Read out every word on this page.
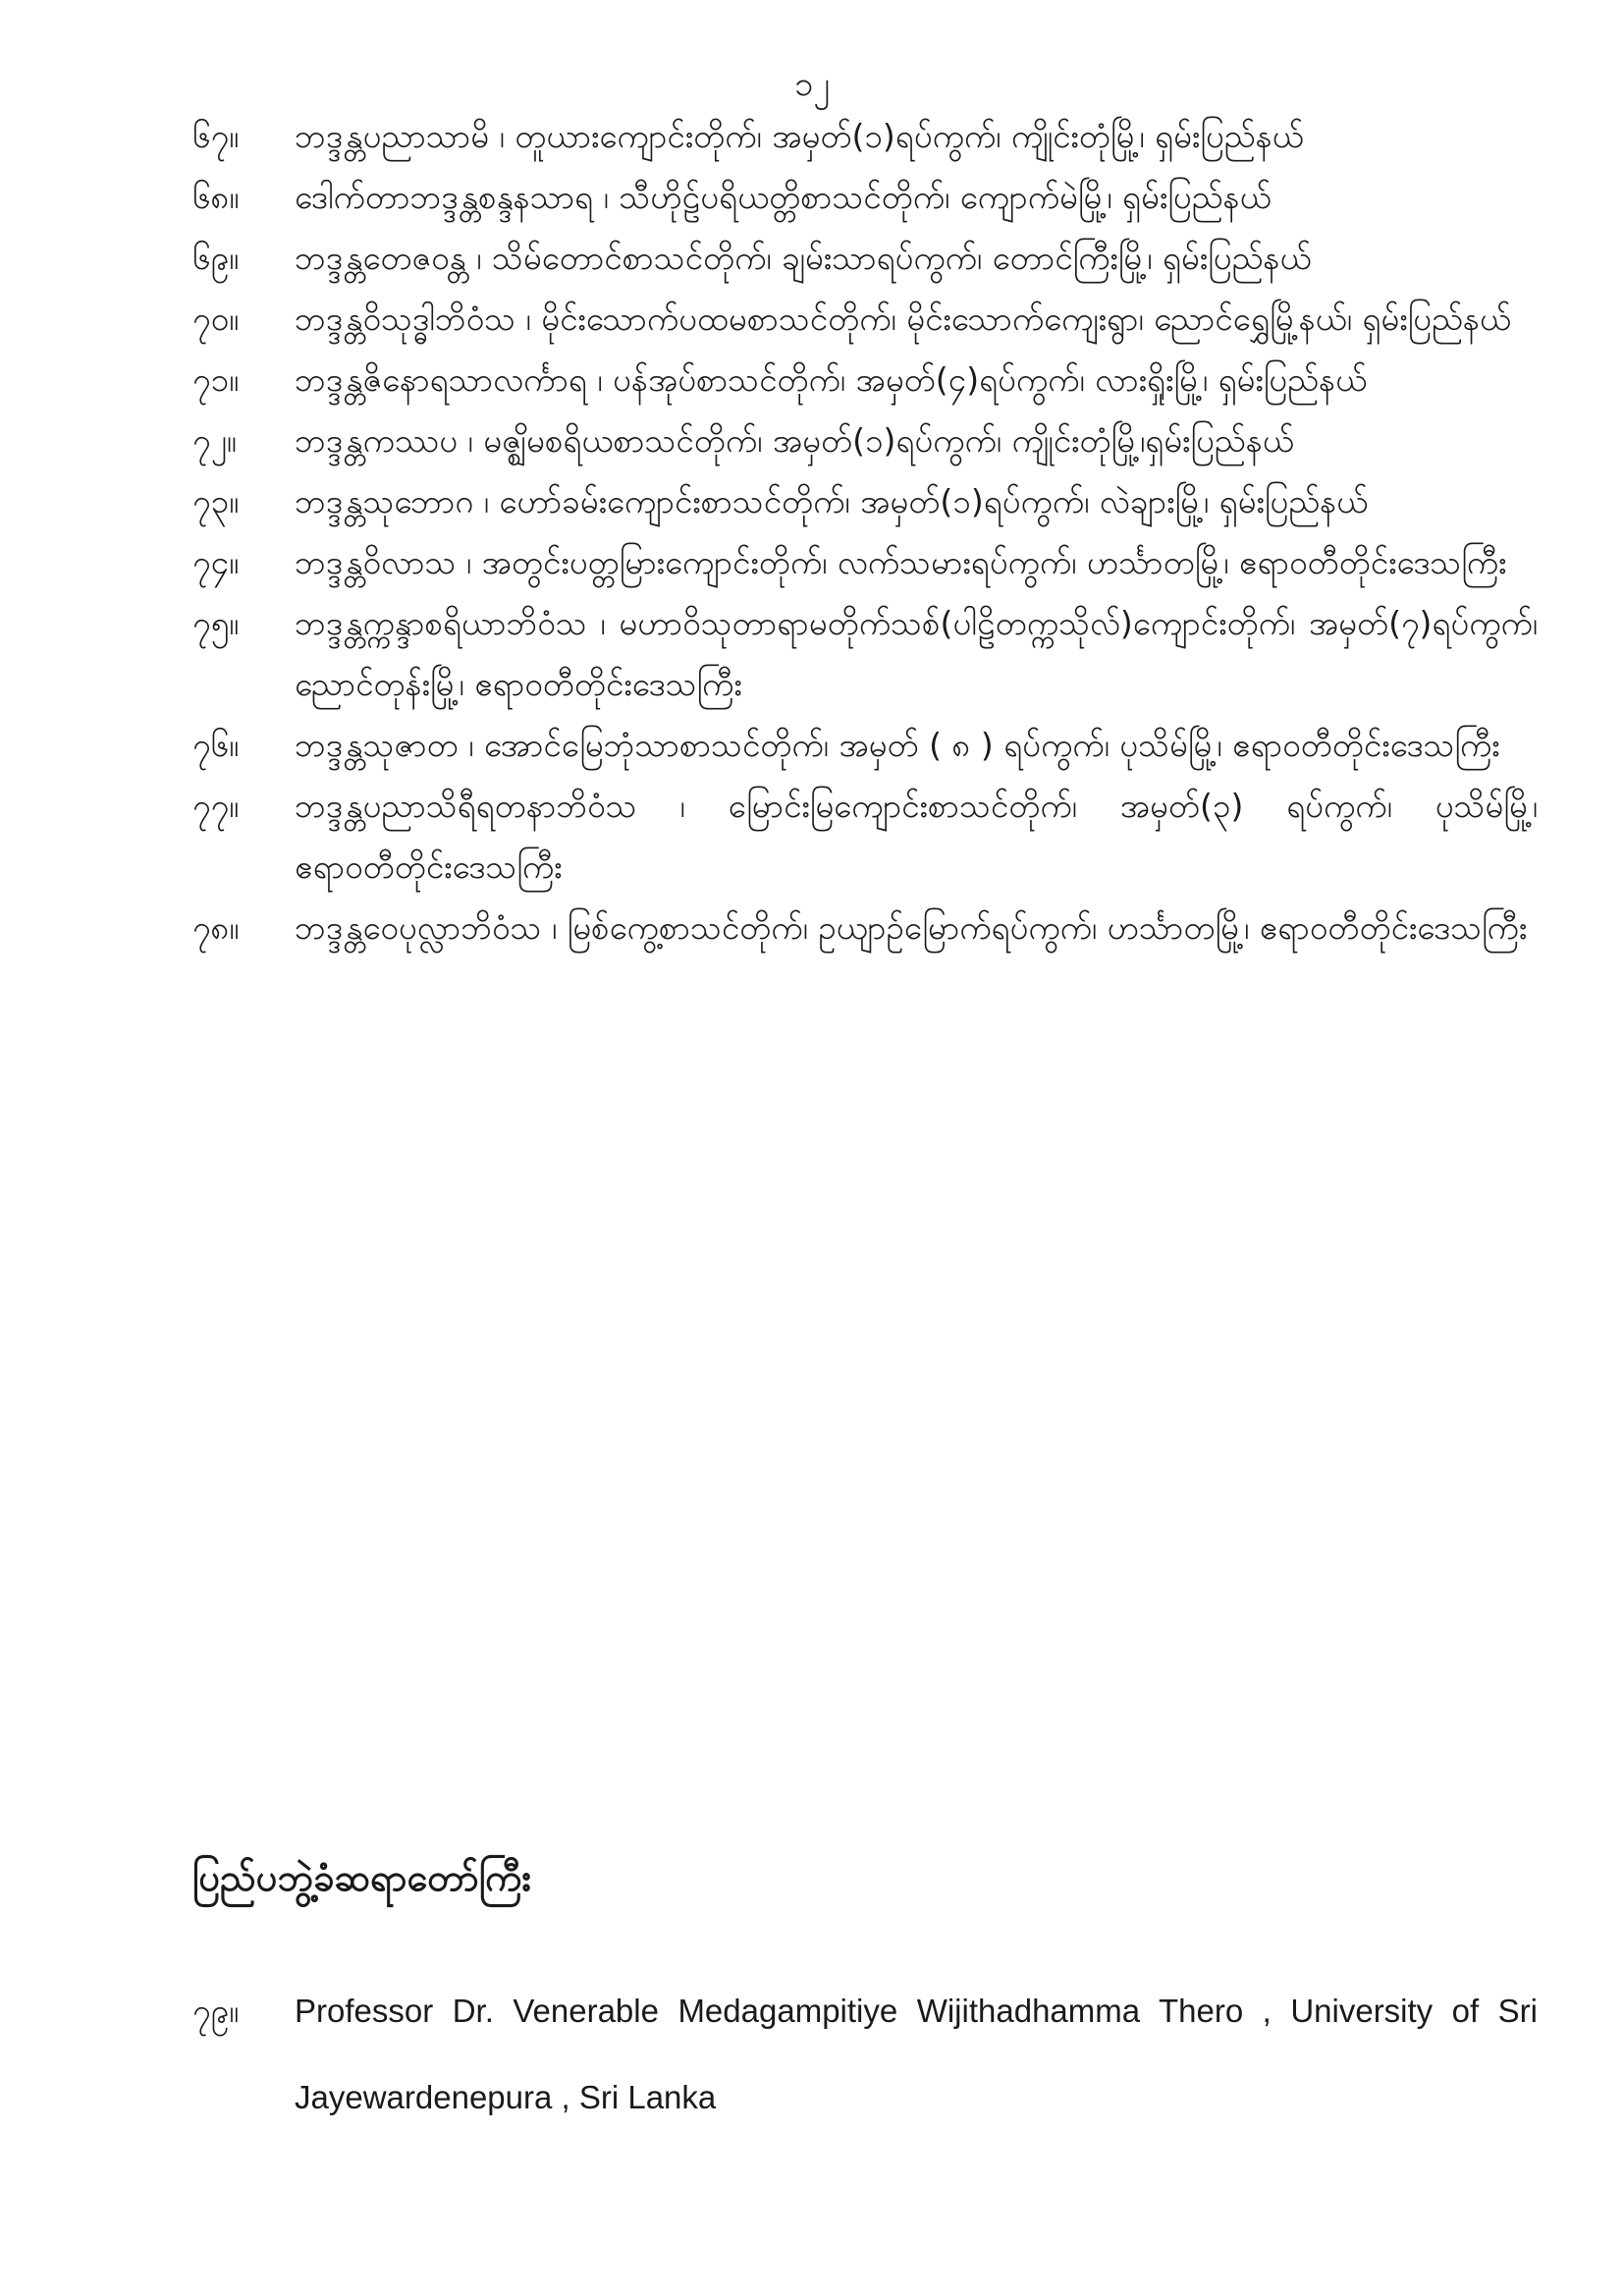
၁၂
၆၇။	ဘဒ္ဒန္တပညာသာမိ ၊ တူယားကျောင်းတိုက်၊ အမှတ်(၁)ရပ်ကွက်၊ ကျိုင်းတုံမြို့၊ ရှမ်းပြည်နယ်
၆၈။	ဒေါက်တာဘဒ္ဒန္တစန္ဒနသာရ ၊ သီဟိုဠ်ပရိယတ္တိစာသင်တိုက်၊ ကျောက်မဲမြို့၊ ရှမ်းပြည်နယ်
၆၉။	ဘဒ္ဒန္တတေဇဝန္တ ၊ သိမ်တောင်စာသင်တိုက်၊ ချမ်းသာရပ်ကွက်၊ တောင်ကြီးမြို့၊ ရှမ်းပြည်နယ်
၇၀။	ဘဒ္ဒန္တဝိသုဒ္ဓါဘိဝံသ ၊ မိုင်းသောက်ပထမစာသင်တိုက်၊ မိုင်းသောက်ကျေးရွာ၊ ညောင်ရွှေမြို့နယ်၊ ရှမ်းပြည်နယ်
၇၁။	ဘဒ္ဒန္တဇိနောရသာလင်္ကာရ ၊ ပန်အုပ်စာသင်တိုက်၊ အမှတ်(၄)ရပ်ကွက်၊ လားရှိုးမြို့၊ ရှမ်းပြည်နယ်
၇၂။	ဘဒ္ဒန္တကဿပ ၊ မဇ္ဈိမစရိယစာသင်တိုက်၊ အမှတ်(၁)ရပ်ကွက်၊ ကျိုင်းတုံမြို့၊ရှမ်းပြည်နယ်
၇၃။	ဘဒ္ဒန္တသုဘောဂ ၊ ဟော်ခမ်းကျောင်းစာသင်တိုက်၊ အမှတ်(၁)ရပ်ကွက်၊ လဲချားမြို့၊ ရှမ်းပြည်နယ်
၇၄။	ဘဒ္ဒန္တဝိလာသ ၊ အတွင်းပတ္တမြားကျောင်းတိုက်၊ လက်သမားရပ်ကွက်၊ ဟင်္သာတမြို့၊ ဧရာဝတီတိုင်းဒေသကြီး
၇၅။	ဘဒ္ဒန္တက္ကန္ဒာစရိယာဘိဝံသ ၊ မဟာဝိသုတာရာမတိုက်သစ်(ပါဠိတက္ကသိုလ်)ကျောင်းတိုက်၊ အမှတ်(၇)ရပ်ကွက်၊ ညောင်တုန်းမြို့၊ ဧရာဝတီတိုင်းဒေသကြီး
၇၆။	ဘဒ္ဒန္တသုဇာတ ၊ အောင်မြေဘုံသာစာသင်တိုက်၊ အမှတ် ( ၈ ) ရပ်ကွက်၊ ပုသိမ်မြို့၊ ဧရာဝတီတိုင်းဒေသကြီး
၇၇။	ဘဒ္ဒန္တပညာသိရီရတနာဘိဝံသ ၊ မြောင်းမြကျောင်းစာသင်တိုက်၊ အမှတ်(၃) ရပ်ကွက်၊ ပုသိမ်မြို့၊ ဧရာဝတီတိုင်းဒေသကြီး
၇၈။	ဘဒ္ဒန္တဝေပုလ္လာဘိဝံသ ၊ မြစ်ကွေ့စာသင်တိုက်၊ ဥယျာဉ်မြောက်ရပ်ကွက်၊ ဟင်္သာတမြို့၊ ဧရာဝတီတိုင်းဒေသကြီး
ပြည်ပဘွဲ့ခံဆရာတော်ကြီး
၇၉။	Professor Dr. Venerable Medagampitiye Wijithadhamma Thero , University of Sri Jayewardenepura , Sri Lanka
